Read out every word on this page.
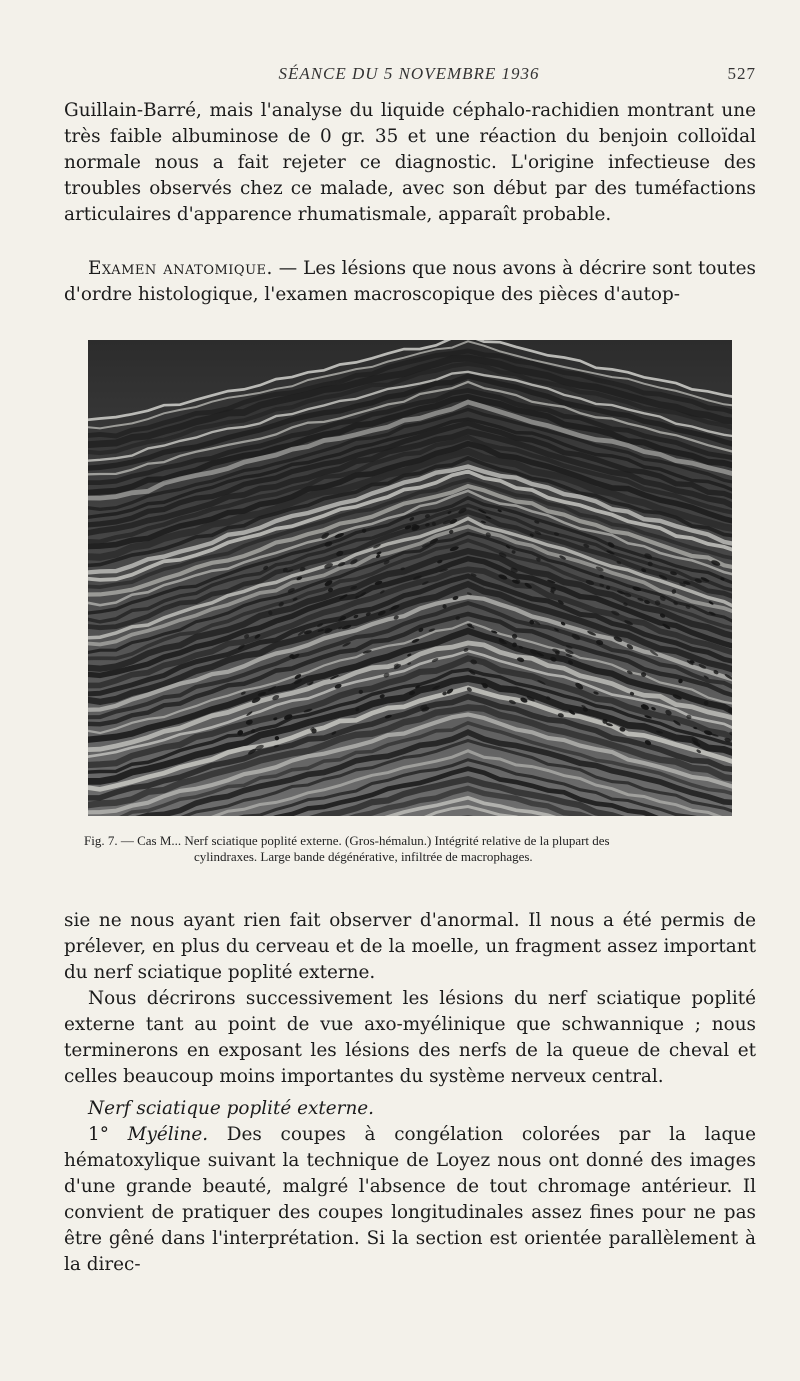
SÉANCE DU 5 NOVEMBRE 1936	527

Guillain-Barré, mais l'analyse du liquide céphalo-rachidien montrant une très faible albuminose de 0 gr. 35 et une réaction du benjoin colloïdal normale nous a fait rejeter ce diagnostic. L'origine infectieuse des troubles observés chez ce malade, avec son début par des tuméfactions articulaires d'apparence rhumatismale, apparaît probable.

Examen anatomique. — Les lésions que nous avons à décrire sont toutes d'ordre histologique, l'examen macroscopique des pièces d'autop-

Fig. 7. — Cas M... Nerf sciatique poplité externe. (Gros-hémalun.) Intégrité relative de la plupart des
cylindraxes. Large bande dégénérative, infiltrée de macrophages.

sie ne nous ayant rien fait observer d'anormal. Il nous a été permis de prélever, en plus du cerveau et de la moelle, un fragment assez important du nerf sciatique poplité externe.

Nous décrirons successivement les lésions du nerf sciatique poplité externe tant au point de vue axo-myélinique que schwannique ; nous terminerons en exposant les lésions des nerfs de la queue de cheval et celles beaucoup moins importantes du système nerveux central.

Nerf sciatique poplité externe.

1° Myéline. Des coupes à congélation colorées par la laque hématoxylique suivant la technique de Loyez nous ont donné des images d'une grande beauté, malgré l'absence de tout chromage antérieur. Il convient de pratiquer des coupes longitudinales assez fines pour ne pas être gêné dans l'interprétation. Si la section est orientée parallèlement à la direc-
